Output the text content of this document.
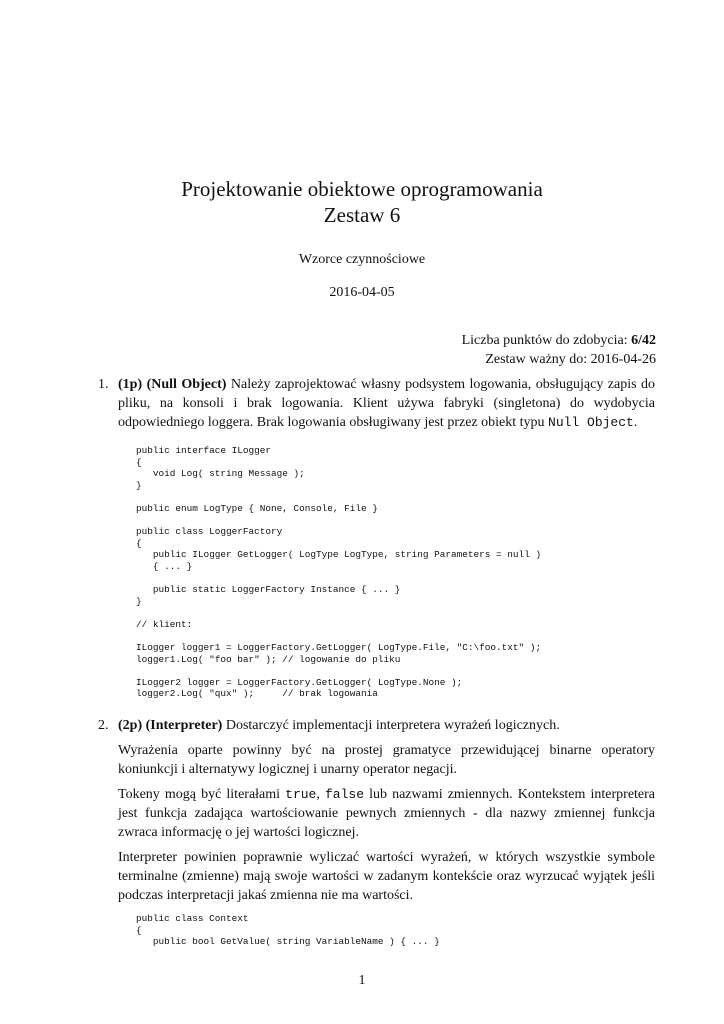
Projektowanie obiektowe oprogramowania
Zestaw 6
Wzorce czynnościowe
2016-04-05
Liczba punktów do zdobycia: 6/42
Zestaw ważny do: 2016-04-26
1. (1p) (Null Object) Należy zaprojektować własny podsystem logowania, obsługujący zapis do pliku, na konsoli i brak logowania. Klient używa fabryki (singletona) do wydobycia odpowiedniego loggera. Brak logowania obsługiwany jest przez obiekt typu Null Object.

public interface ILogger
{
void Log( string Message );
}

public enum LogType { None, Console, File }

public class LoggerFactory
{
public ILogger GetLogger( LogType LogType, string Parameters = null )
{ ... }

public static LoggerFactory Instance { ... }
}

// klient:

ILogger logger1 = LoggerFactory.GetLogger( LogType.File, "C:\foo.txt" );
logger1.Log( "foo bar" ); // logowanie do pliku

ILogger2 logger = LoggerFactory.GetLogger( LogType.None );
logger2.Log( "qux" );     // brak logowania
2. (2p) (Interpreter) Dostarczyć implementacji interpretera wyrażeń logicznych.

Wyrażenia oparte powinny być na prostej gramatyce przewidującej binarne operatory koniunkcji i alternatywy logicznej i unarny operator negacji.

Tokeny mogą być literałami true, false lub nazwami zmiennych. Kontekstem interpretera jest funkcja zadająca wartościowanie pewnych zmiennych - dla nazwy zmiennej funkcja zwraca informację o jej wartości logicznej.

Interpreter powinien poprawnie wyliczać wartości wyrażeń, w których wszystkie symbole terminalne (zmienne) mają swoje wartości w zadanym kontekście oraz wyrzucać wyjątek jeśli podczas interpretacji jakaś zmienna nie ma wartości.

public class Context
{
public bool GetValue( string VariableName ) { ... }
1
